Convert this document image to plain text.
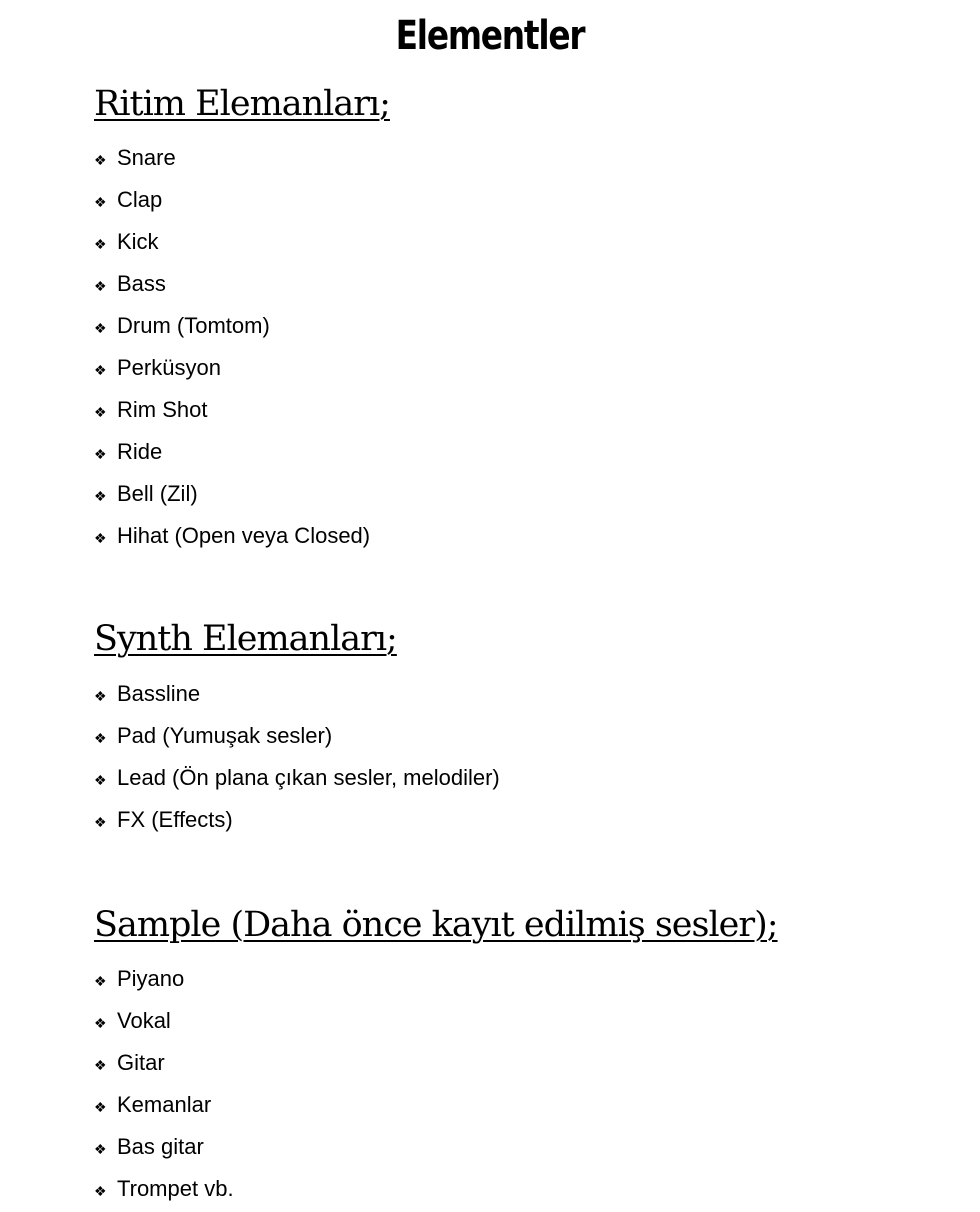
Elementler
Ritim Elemanları;
❖ Snare
❖ Clap
❖ Kick
❖ Bass
❖ Drum (Tomtom)
❖ Perküsyon
❖ Rim Shot
❖ Ride
❖ Bell (Zil)
❖ Hihat (Open veya Closed)
Synth Elemanları;
❖ Bassline
❖ Pad (Yumuşak sesler)
❖ Lead (Ön plana çıkan sesler, melodiler)
❖ FX (Effects)
Sample (Daha önce kayıt edilmiş sesler);
❖ Piyano
❖ Vokal
❖ Gitar
❖ Kemanlar
❖ Bas gitar
❖ Trompet vb.
